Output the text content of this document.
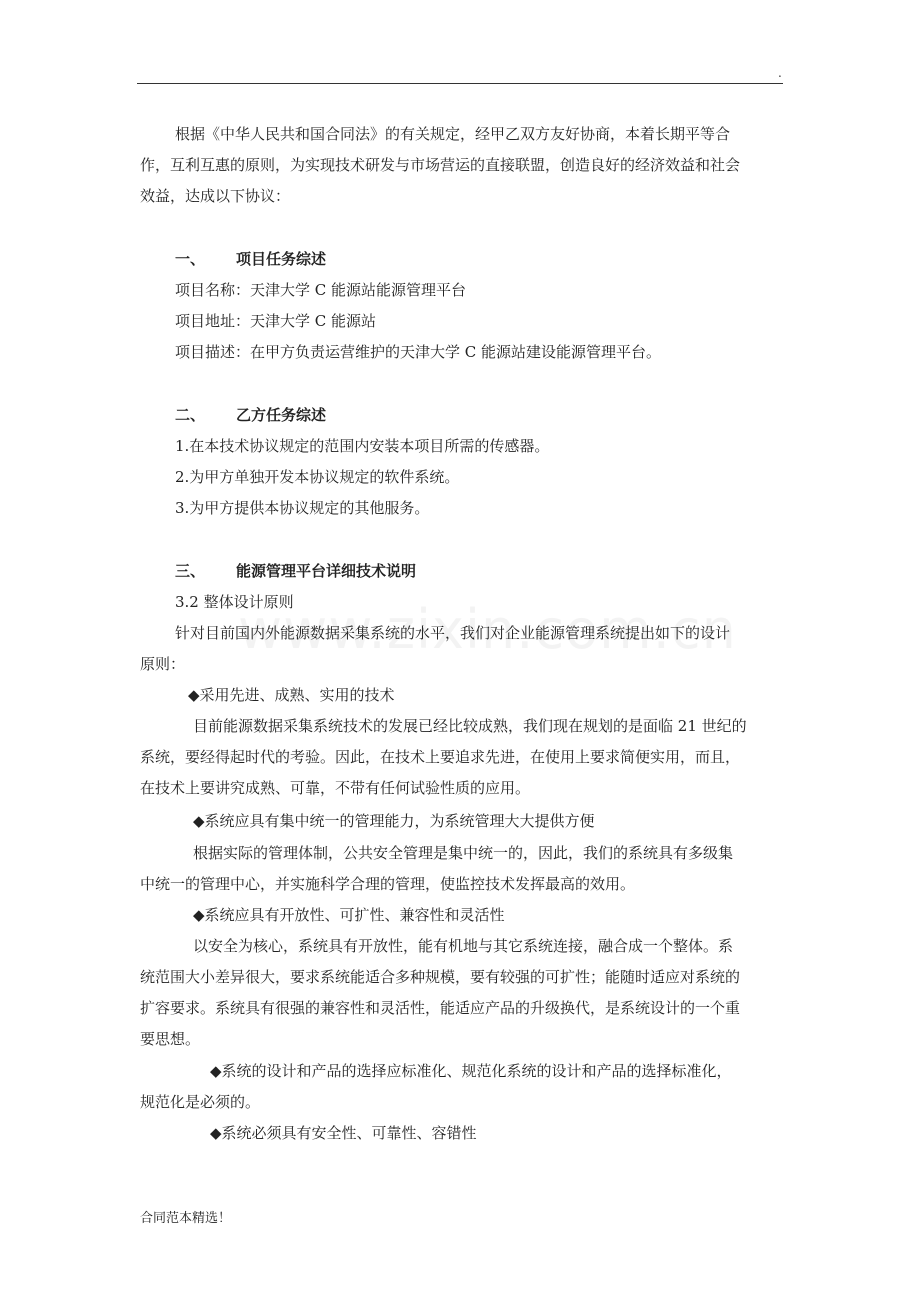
.
根据《中华人民共和国合同法》的有关规定，经甲乙双方友好协商，本着长期平等合
作，互利互惠的原则，为实现技术研发与市场营运的直接联盟，创造良好的经济效益和社会
效益，达成以下协议：
一、 项目任务综述
项目名称：天津大学 C 能源站能源管理平台
项目地址：天津大学 C 能源站
项目描述：在甲方负责运营维护的天津大学 C 能源站建设能源管理平台。
二、 乙方任务综述
1.在本技术协议规定的范围内安装本项目所需的传感器。
2.为甲方单独开发本协议规定的软件系统。
3.为甲方提供本协议规定的其他服务。
三、 能源管理平台详细技术说明
3.2 整体设计原则
针对目前国内外能源数据采集系统的水平，我们对企业能源管理系统提出如下的设计
原则：
◆采用先进、成熟、实用的技术
目前能源数据采集系统技术的发展已经比较成熟，我们现在规划的是面临 21 世纪的
系统，要经得起时代的考验。因此，在技术上要追求先进，在使用上要求简便实用，而且，
在技术上要讲究成熟、可靠，不带有任何试验性质的应用。
◆系统应具有集中统一的管理能力，为系统管理大大提供方便
根据实际的管理体制，公共安全管理是集中统一的，因此，我们的系统具有多级集
中统一的管理中心，并实施科学合理的管理，使监控技术发挥最高的效用。
◆系统应具有开放性、可扩性、兼容性和灵活性
以安全为核心，系统具有开放性，能有机地与其它系统连接，融合成一个整体。系
统范围大小差异很大，要求系统能适合多种规模，要有较强的可扩性；能随时适应对系统的
扩容要求。系统具有很强的兼容性和灵活性，能适应产品的升级换代，是系统设计的一个重
要思想。
◆系统的设计和产品的选择应标准化、规范化系统的设计和产品的选择标准化，
规范化是必须的。
◆系统必须具有安全性、可靠性、容错性
合同范本精选！
